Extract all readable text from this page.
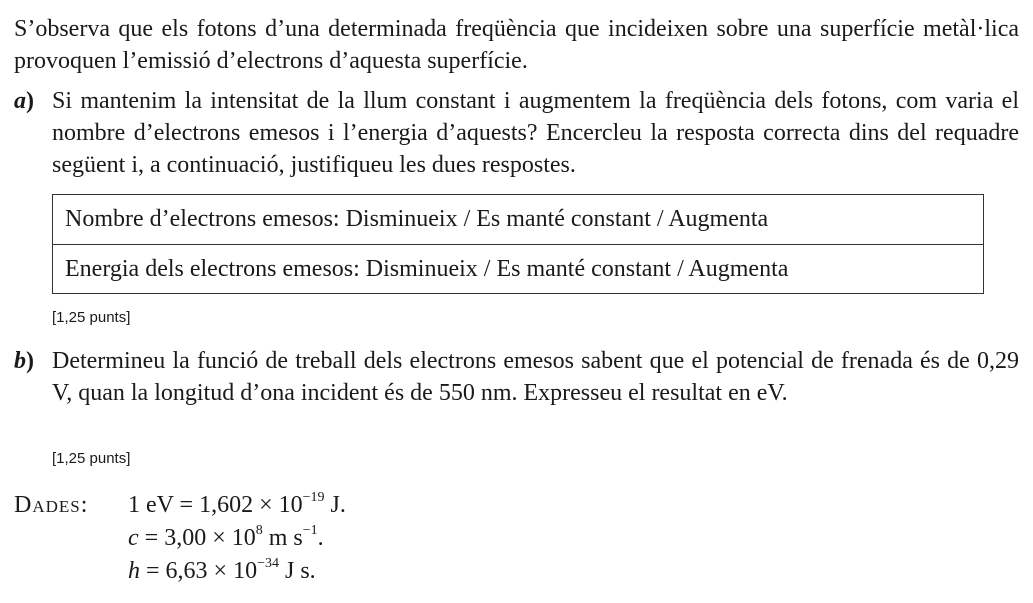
S’observa que els fotons d’una determinada freqüència que incideixen sobre una superfície metàl·lica provoquen l’emissió d’electrons d’aquesta superfície.
a) Si mantenim la intensitat de la llum constant i augmentem la freqüència dels fotons, com varia el nombre d’electrons emesos i l’energia d’aquests? Encercleu la resposta correcta dins del requadre següent i, a continuació, justifiqueu les dues respostes.
Nombre d’electrons emesos: Disminueix / Es manté constant / Augmenta
Energia dels electrons emesos: Disminueix / Es manté constant / Augmenta
[1,25 punts]
b) Determineu la funció de treball dels electrons emesos sabent que el potencial de frenada és de 0,29 V, quan la longitud d’ona incident és de 550 nm. Expresseu el resultat en eV.
[1,25 punts]
Dades: 1 eV = $1,602 \times 10^{-19}$ J.
$c = 3,00 \times 10^8$ m $s^{-1}$.
$h = 6,63 \times 10^{-34}$ J s.
